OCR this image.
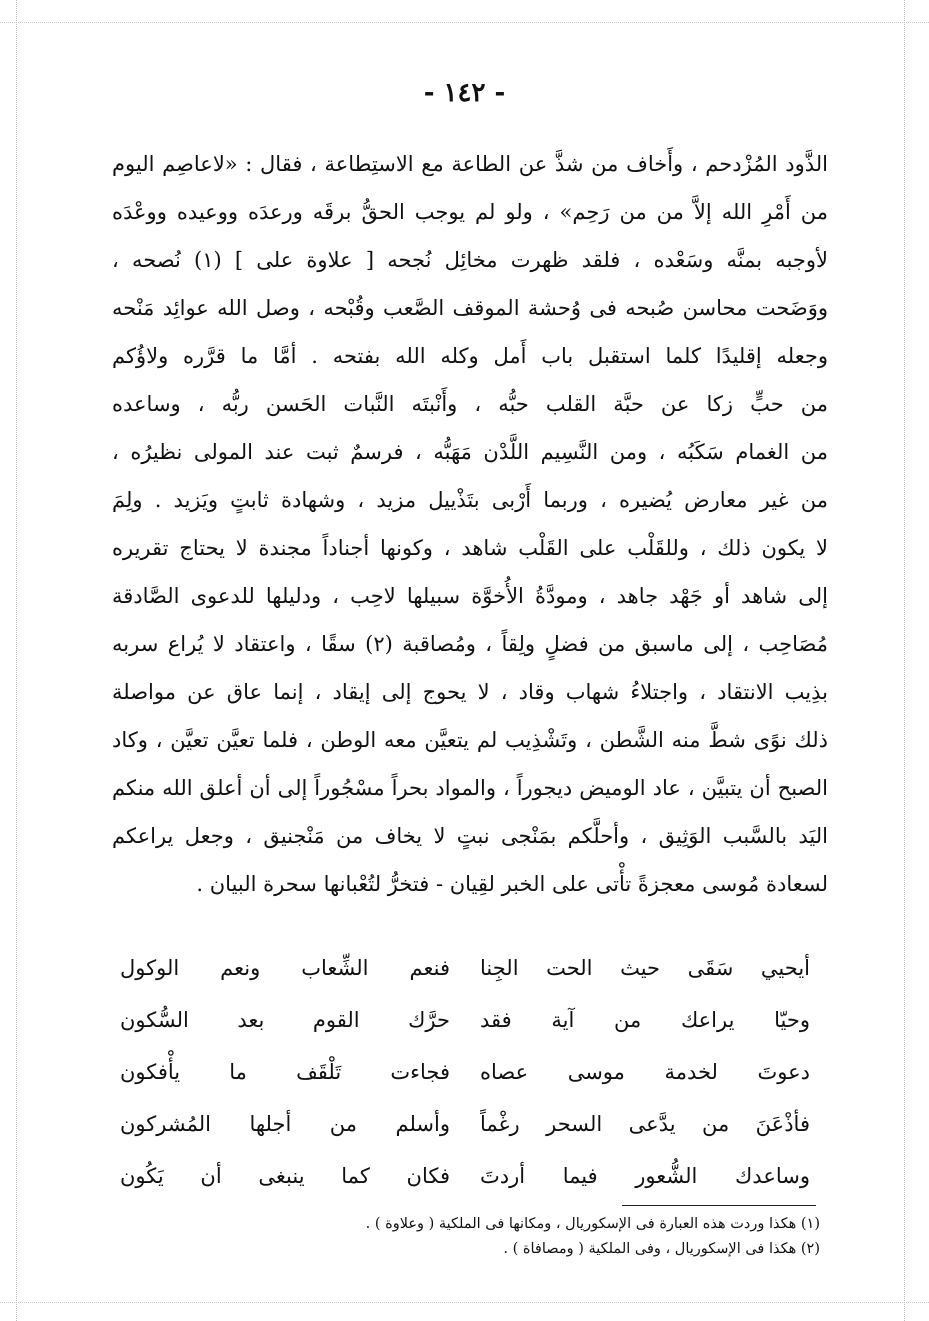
- ١٤٢ -
الذَّود المُزْدحم ، وأَخاف من شذَّ عن الطاعة مع الاستِطاعة ، فقال : «لاعاصِم اليوم
من أَمْرِ الله إلاَّ من من رَحِم» ، ولو لم يوجب الحقُّ برقَه ورعدَه ووعيده ووعْدَه
لأوجبه بمنَّه وسَعْده ، فلقد ظهرت مخائِل نُجحه [ علاوة على ] (١) نُصحه ،
ووَضَحت محاسن صُبحه فى وُحشة الموقف الصَّعب وقُبْحه ، وصل الله عوائِد مَنْحه
وجعله إقليدًا كلما استقبل باب أَمل وكله الله بفتحه . أمَّا ما قرَّره ولاؤُكم
من حبٍّ زكا عن حبَّة القلب حبُّه ، وأَنْبتَه النَّبات الحَسن ربُّه ، وساعده
من الغمام سَكَبُه ، ومن النَّسِيم اللَّدْن مَهَبُّه ، فرسمٌ ثبت عند المولى نظيرُه ،
من غير معارض يُضيره ، وربما أَرْبى بتَذْييل مزيد ، وشهادة ثابتٍ ويَزيد . ولِمَ
لا يكون ذلك ، وللقَلْب على القَلْب شاهد ، وكونها أجناداً مجندة لا يحتاج تقريره
إلى شاهد أو جَهْد جاهد ، ومودَّةُ الأُخوَّة سبيلها لاحِب ، ودليلها للدعوى الصَّادقة
مُصَاحِب ، إلى ماسبق من فضلٍ ولِقاً ، ومُصاقبة (٢) سقًا ، واعتقاد لا يُراع سربه
بذِيب الانتقاد ، واجتلاءُ شهاب وقاد ، لا يحوج إلى إيقاد ، إنما عاق عن مواصلة
ذلك نوًى شطَّ منه الشَّطن ، وتَشْذِيب لم يتعيَّن معه الوطن ، فلما تعيَّن تعيَّن ، وكاد
الصبح أن يتبيَّن ، عاد الوميض ديجوراً ، والمواد بحراً مسْجُوراً إلى أن أعلق الله منكم
اليَد بالسَّبب الوَثِيق ، وأحلَّكم بمَنْجى نبتٍ لا يخاف من مَنْجنيق ، وجعل يراعكم
لسعادة مُوسى معجزةً تأْتى على الخبر لقِيان - فتخرُّ لتُعْبانها سحرة البيان .
أيحيي سَقَى حيث الحت الجِنا
فنعم الشِّعاب ونعم الوكول
وحيّا يراعك من آية فقد
حرَّك القوم بعد السُّكون
دعوتَ لخدمة موسى عصاه
فجاءت تَلْقَف ما يأْفكون
فأذْعَنَ من يدَّعى السحر رغْماً
وأسلم من أجلها المُشركون
وساعدك الشُّعور فيما أردتَ
فكان كما ينبغى أن يَكُون
(١) هكذا وردت هذه العبارة فى الإسكوريال ، ومكانها فى الملكية ( وعلاوة ) .
(٢) هكذا فى الإسكوريال ، وفى الملكية ( ومصافاة ) .
